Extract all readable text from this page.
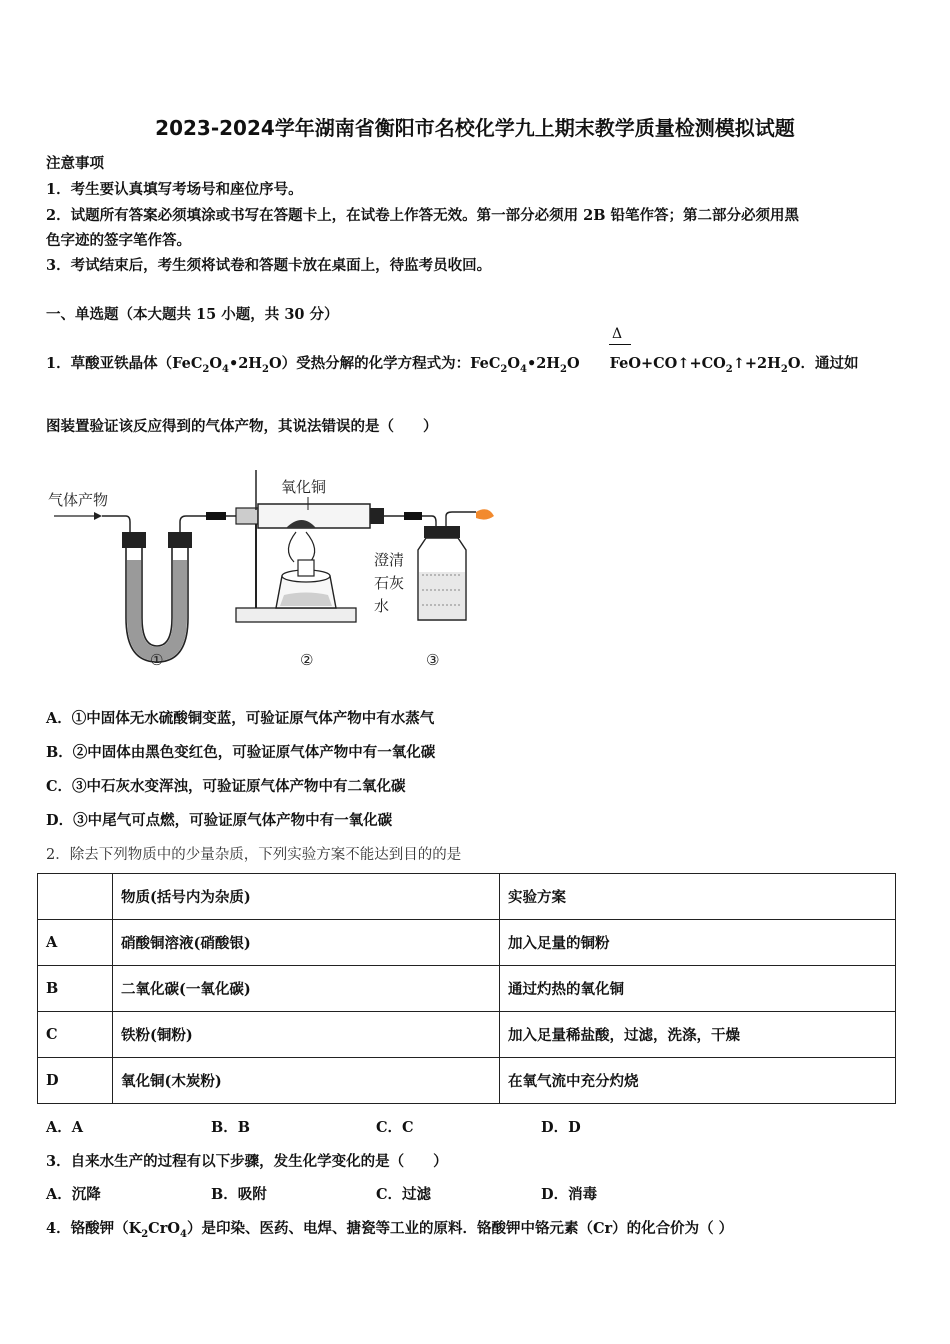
2023-2024学年湖南省衡阳市名校化学九上期末教学质量检测模拟试题
注意事项
1．考生要认真填写考场号和座位序号。
2．试题所有答案必须填涂或书写在答题卡上，在试卷上作答无效。第一部分必须用 2B 铅笔作答；第二部分必须用黑
色字迹的签字笔作答。
3．考试结束后，考生须将试卷和答题卡放在桌面上，待监考员收回。
一、单选题（本大题共 15 小题，共 30 分）
1．草酸亚铁晶体$(FeC_2O_4•2H_2O)$受热分解的化学方程式为：$FeC_2O_4•2H_2O$ $FeO+CO↑+CO_2↑+2H_2O$．通过如
Δ
图装置验证该反应得到的气体产物，其说法错误的是（　　）
气体产物
氧化铜
澄清
石灰
水
①	②	③
A．①中固体无水硫酸铜变蓝，可验证原气体产物中有水蒸气
B．②中固体由黑色变红色，可验证原气体产物中有一氧化碳
C．③中石灰水变浑浊，可验证原气体产物中有二氧化碳
D．③中尾气可点燃，可验证原气体产物中有一氧化碳
2．除去下列物质中的少量杂质，下列实验方案不能达到目的的是
	物质(括号内为杂质)	实验方案
A	硝酸铜溶液(硝酸银)	加入足量的铜粉
B	二氧化碳(一氧化碳)	通过灼热的氧化铜
C	铁粉(铜粉)	加入足量稀盐酸，过滤，洗涤，干燥
D	氧化铜(木炭粉)	在氧气流中充分灼烧
A．A	B．B	C．C	D．D
3．自来水生产的过程有以下步骤，发生化学变化的是（　　）
A．沉降	B．吸附	C．过滤	D．消毒
4．铬酸钾$(K_2CrO_4)$是印染、医药、电焊、搪瓷等工业的原料．铬酸钾中铬元素（Cr）的化合价为（ ）
